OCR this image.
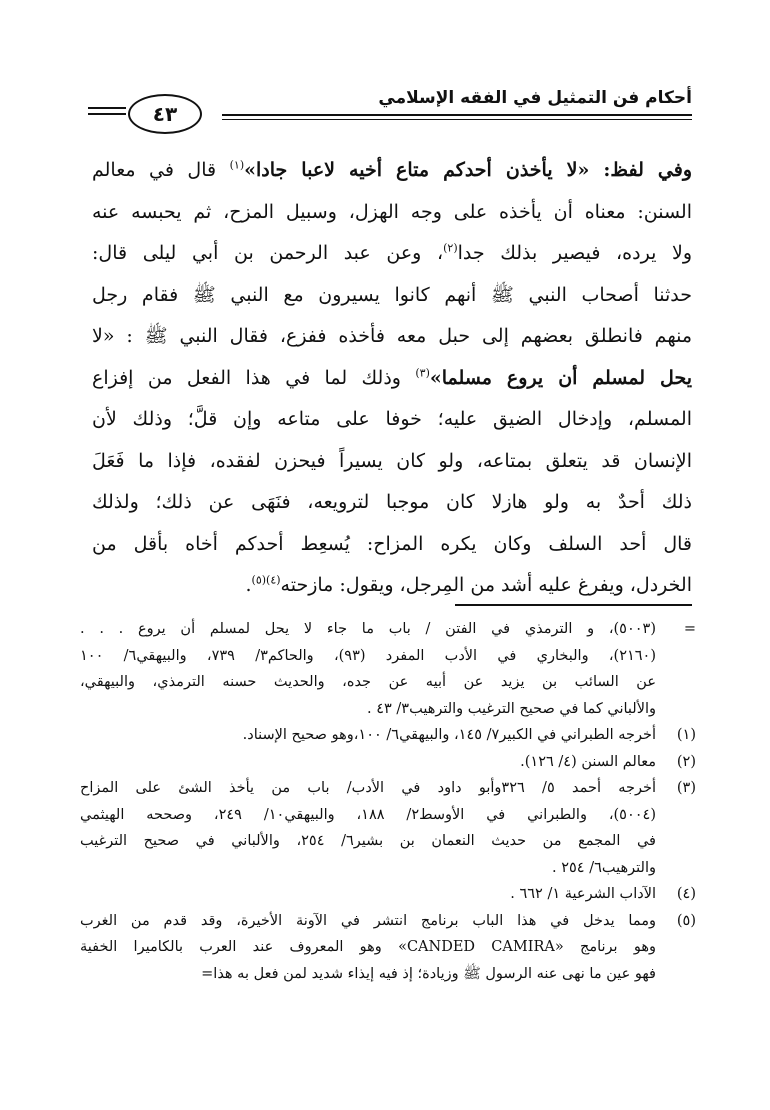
أحكام فن التمثيل في الفقه الإسلامي
٤٣
وفي لفظ: «لا يأخذن أحدكم متاع أخيه لاعبا جادا»$^{(١)}$ قال في معالم
السنن: معناه أن يأخذه على وجه الهزل، وسبيل المزح، ثم يحبسه عنه
ولا يرده، فيصير بذلك جدا$^{(٢)}$، وعن عبد الرحمن بن أبي ليلى قال:
حدثنا أصحاب النبي ﷺ أنهم كانوا يسيرون مع النبي ﷺ فقام رجل
منهم فانطلق بعضهم إلى حبل معه فأخذه ففزع، فقال النبي ﷺ : «لا
يحل لمسلم أن يروع مسلما»$^{(٣)}$ وذلك لما في هذا الفعل من إفزاع
المسلم، وإدخال الضيق عليه؛ خوفا على متاعه وإن قلَّ؛ وذلك لأن
الإنسان قد يتعلق بمتاعه، ولو كان يسيراً فيحزن لفقده، فإذا ما فَعَلَ
ذلك أحدٌ به ولو هازلا كان موجبا لترويعه، فنَهَى عن ذلك؛ ولذلك
قال أحد السلف وكان يكره المزاح: يُسعِط أحدكم أخاه بأقل من
الخردل، ويفرغ عليه أشد من المِرجل، ويقول: مازحته$^{(٤)(٥)}$.
=
(٥٠٠٣)، و الترمذي في الفتن / باب ما جاء لا يحل لمسلم أن يروع . . .
(٢١٦٠)، والبخاري في الأدب المفرد (٩٣)، والحاكم٣/ ٧٣٩، والبيهقي٦/ ١٠٠
عن السائب بن يزيد عن أبيه عن جده، والحديث حسنه الترمذي، والبيهقي،
والألباني كما في صحيح الترغيب والترهيب٣/ ٤٣ .
(١)
أخرجه الطبراني في الكبير٧/ ١٤٥، والبيهقي٦/ ١٠٠،وهو صحيح الإسناد.
(٢)
معالم السنن (٤/ ١٢٦).
(٣)
أخرجه أحمد ٥/ ٣٢٦وأبو داود في الأدب/ باب من يأخذ الشئ على المزاح
(٥٠٠٤)، والطبراني في الأوسط٢/ ١٨٨، والبيهقي١٠/ ٢٤٩، وصححه الهيثمي
في المجمع من حديث النعمان بن بشير٦/ ٢٥٤، والألباني في صحيح الترغيب
والترهيب٦/ ٢٥٤ .
(٤)
الآداب الشرعية ١/ ٦٦٢ .
(٥)
ومما يدخل في هذا الباب برنامج انتشر في الآونة الأخيرة، وقد قدم من الغرب
وهو برنامج «CANDED CAMIRA» وهو المعروف عند العرب بالكاميرا الخفية
فهو عين ما نهى عنه الرسول ﷺ وزيادة؛ إذ فيه إيذاء شديد لمن فعل به هذا=
